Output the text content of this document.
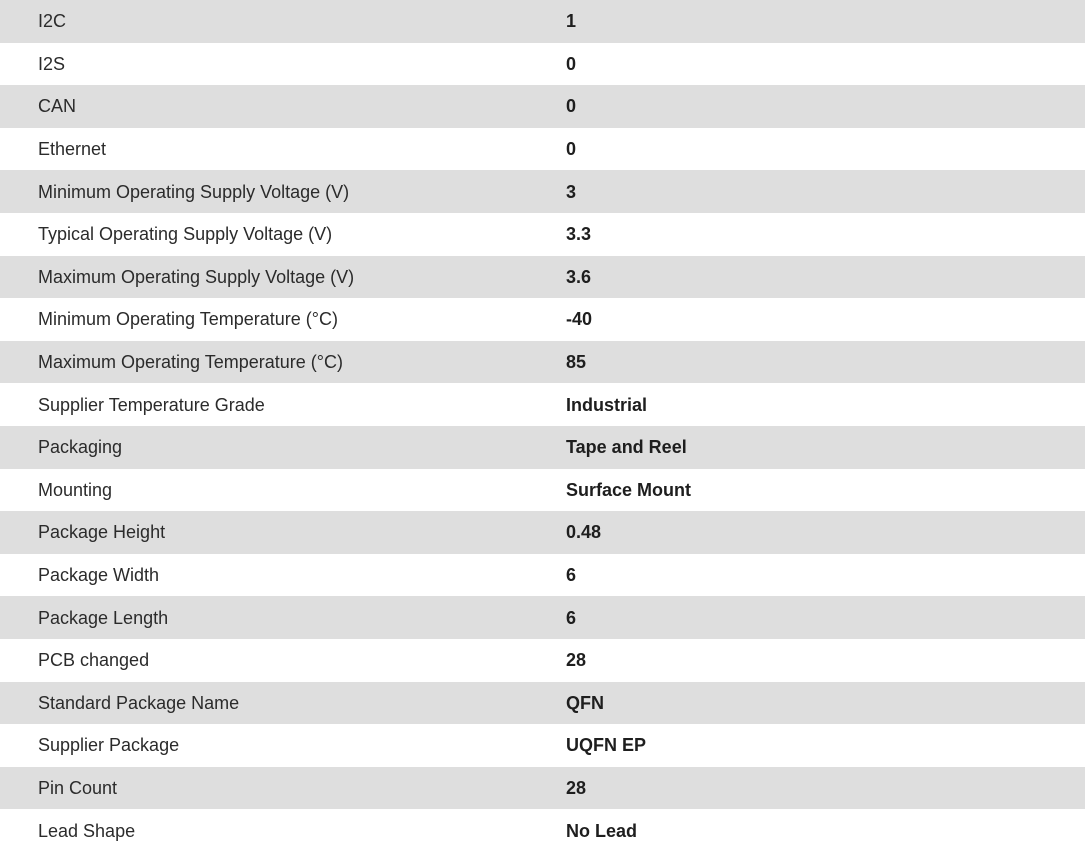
I2C	1
I2S	0
CAN	0
Ethernet	0
Minimum Operating Supply Voltage (V)	3
Typical Operating Supply Voltage (V)	3.3
Maximum Operating Supply Voltage (V)	3.6
Minimum Operating Temperature (°C)	-40
Maximum Operating Temperature (°C)	85
Supplier Temperature Grade	Industrial
Packaging	Tape and Reel
Mounting	Surface Mount
Package Height	0.48
Package Width	6
Package Length	6
PCB changed	28
Standard Package Name	QFN
Supplier Package	UQFN EP
Pin Count	28
Lead Shape	No Lead
